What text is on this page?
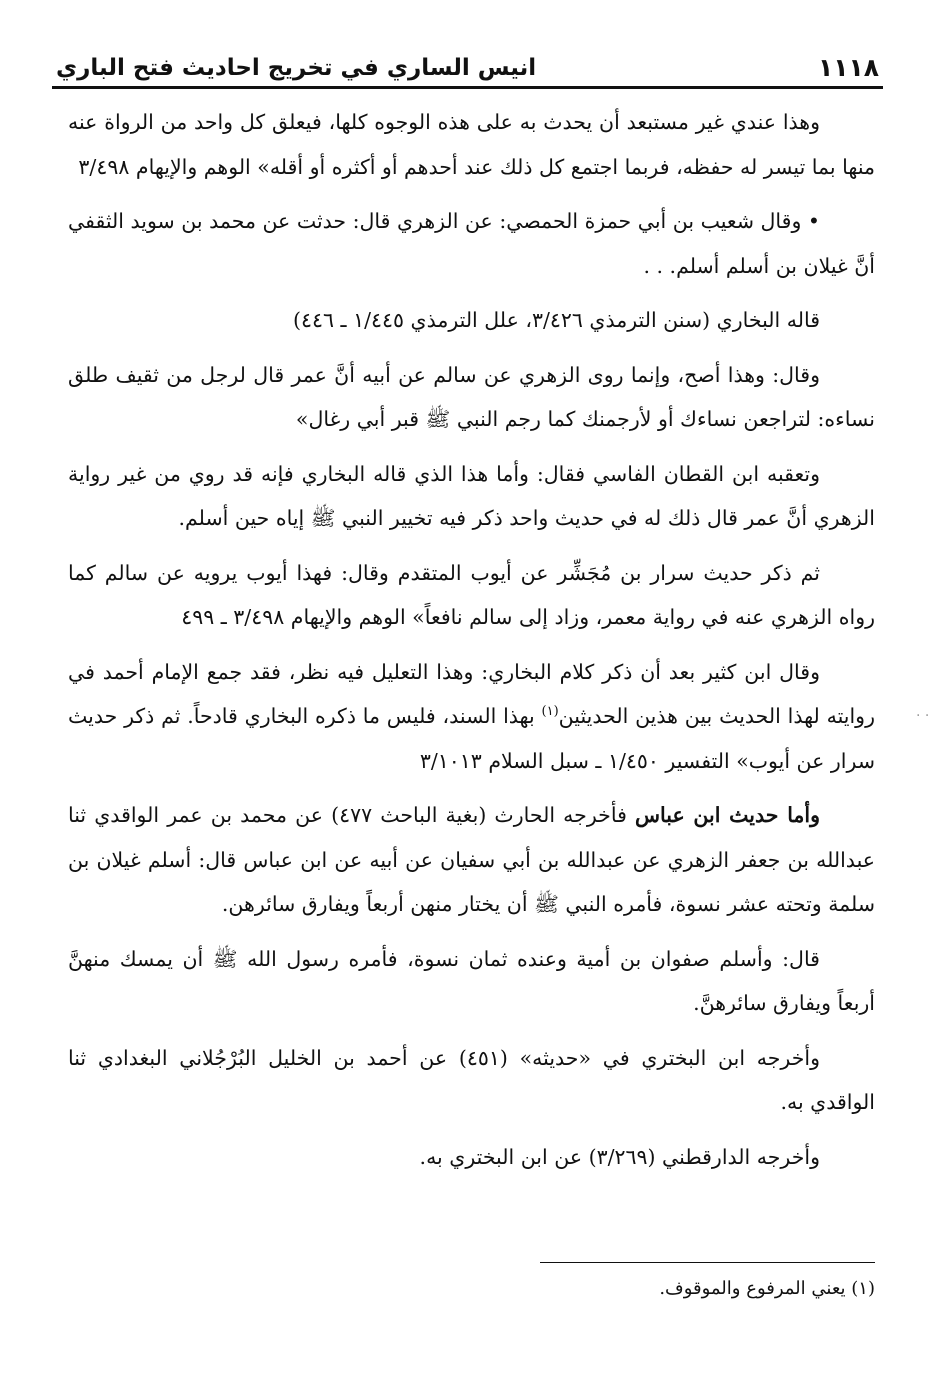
١١١٨
انيس الساري في تخريج احاديث فتح الباري

وهذا عندي غير مستبعد أن يحدث به على هذه الوجوه كلها، فيعلق كل واحد من الرواة عنه منها بما تيسر له حفظه، فربما اجتمع كل ذلك عند أحدهم أو أكثره أو أقله» الوهم والإيهام ٣/٤٩٨

• وقال شعيب بن أبي حمزة الحمصي: عن الزهري قال: حدثت عن محمد بن سويد الثقفي أنَّ غيلان بن أسلم أسلم. . .

قاله البخاري (سنن الترمذي ٣/٤٢٦، علل الترمذي ١/٤٤٥ ـ ٤٤٦)

وقال: وهذا أصح، وإنما روى الزهري عن سالم عن أبيه أنَّ عمر قال لرجل من ثقيف طلق نساءه: لتراجعن نساءك أو لأرجمنك كما رجم النبي ﷺ قبر أبي رغال»

وتعقبه ابن القطان الفاسي فقال: وأما هذا الذي قاله البخاري فإنه قد روي من غير رواية الزهري أنَّ عمر قال ذلك له في حديث واحد ذكر فيه تخيير النبي ﷺ إياه حين أسلم.

ثم ذكر حديث سرار بن مُجَشِّر عن أيوب المتقدم وقال: فهذا أيوب يرويه عن سالم كما رواه الزهري عنه في رواية معمر، وزاد إلى سالم نافعاً» الوهم والإيهام ٣/٤٩٨ ـ ٤٩٩

وقال ابن كثير بعد أن ذكر كلام البخاري: وهذا التعليل فيه نظر، فقد جمع الإمام أحمد في روايته لهذا الحديث بين هذين الحديثين$^{(١)}$ بهذا السند، فليس ما ذكره البخاري قادحاً. ثم ذكر حديث سرار عن أيوب» التفسير ١/٤٥٠ ـ سبل السلام ٣/١٠١٣

وأما حديث ابن عباس فأخرجه الحارث (بغية الباحث ٤٧٧) عن محمد بن عمر الواقدي ثنا عبدالله بن جعفر الزهري عن عبدالله بن أبي سفيان عن أبيه عن ابن عباس قال: أسلم غيلان بن سلمة وتحته عشر نسوة، فأمره النبي ﷺ أن يختار منهن أربعاً ويفارق سائرهن.

قال: وأسلم صفوان بن أمية وعنده ثمان نسوة، فأمره رسول الله ﷺ أن يمسك منهنَّ أربعاً ويفارق سائرهنَّ.

وأخرجه ابن البختري في «حديثه» (٤٥١) عن أحمد بن الخليل البُرْجُلاني البغدادي ثنا الواقدي به.

وأخرجه الدارقطني (٣/٢٦٩) عن ابن البختري به.

(١) يعني المرفوع والموقوف.
· ·
